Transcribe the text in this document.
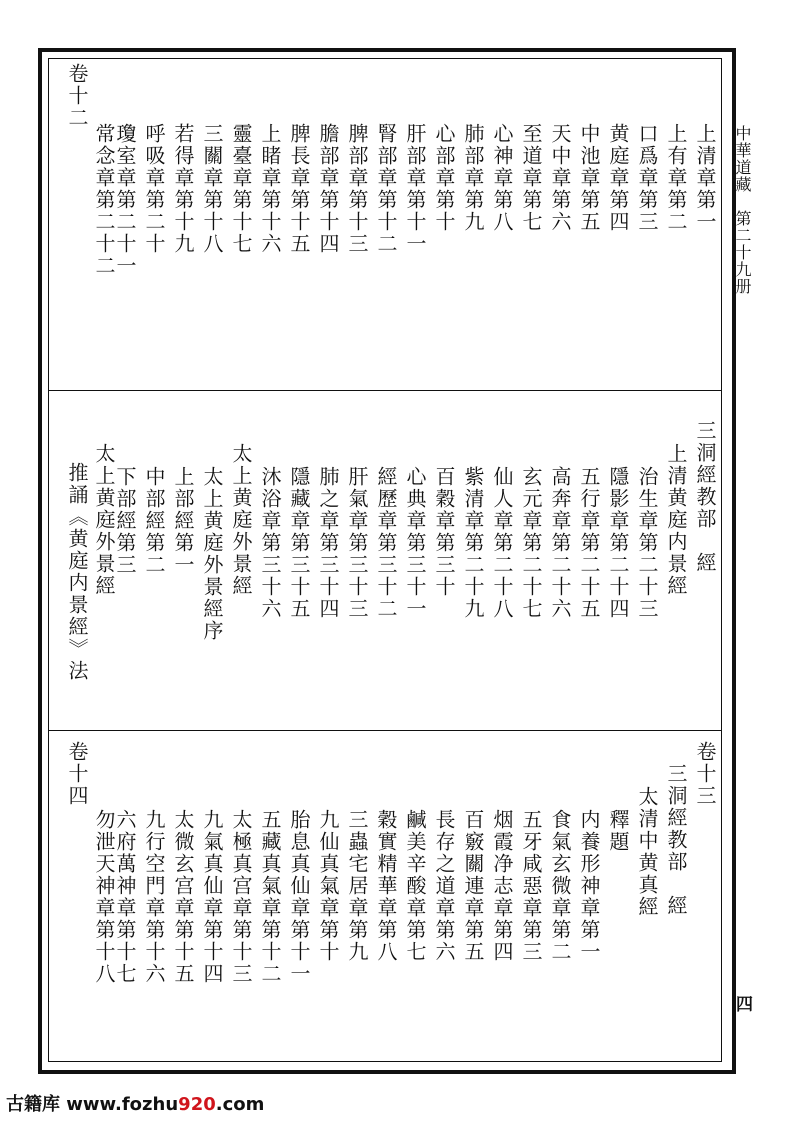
中華道藏　第二十九册
四
上清章第一
上有章第二
口爲章第三
黄庭章第四
中池章第五
天中章第六
至道章第七
心神章第八
肺部章第九
心部章第十
肝部章第十一
腎部章第十二
脾部章第十三
膽部章第十四
脾長章第十五
上睹章第十六
靈臺章第十七
三關章第十八
若得章第十九
呼吸章第二十
瓊室章第二十一
常念章第二十二
卷十二
三洞經教部　經
上清黄庭内景經
治生章第二十三
隱影章第二十四
五行章第二十五
高奔章第二十六
玄元章第二十七
仙人章第二十八
紫清章第二十九
百穀章第三十
心典章第三十一
經歷章第三十二
肝氣章第三十三
肺之章第三十四
隱藏章第三十五
沐浴章第三十六
太上黄庭外景經
太上黄庭外景經序
上部經第一
中部經第二
下部經第三
太上黄庭外景經
推誦《黄庭内景經》法
卷十三
三洞經教部　經
太清中黄真經
釋題
内養形神章第一
食氣玄微章第二
五牙咸惡章第三
烟霞净志章第四
百竅關連章第五
長存之道章第六
鹹美辛酸章第七
穀實精華章第八
三蟲宅居章第九
九仙真氣章第十
胎息真仙章第十一
五藏真氣章第十二
太極真宫章第十三
九氣真仙章第十四
太微玄宫章第十五
九行空門章第十六
六府萬神章第十七
勿泄天神章第十八
卷十四
古籍库 www.fozhu920.com
